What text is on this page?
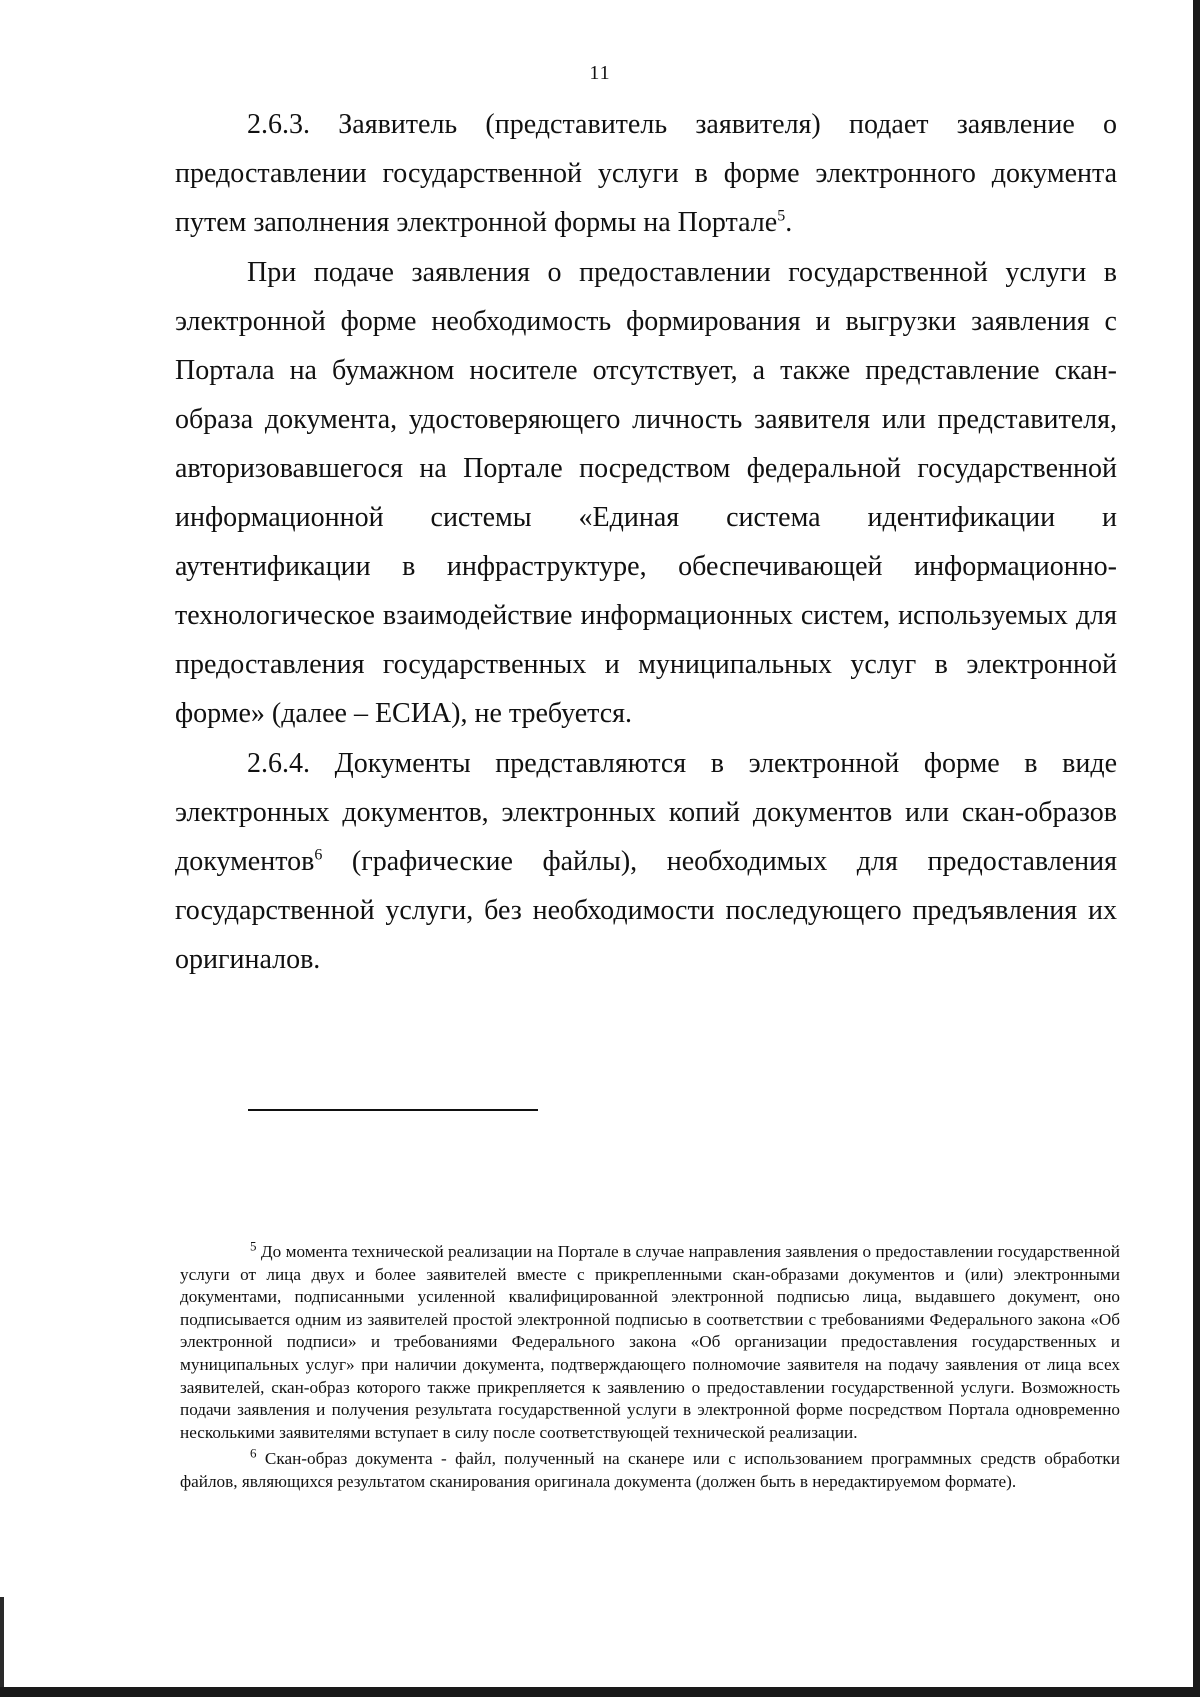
11

2.6.3. Заявитель (представитель заявителя) подает заявление о предоставлении государственной услуги в форме электронного документа путем заполнения электронной формы на Портале$^5$.

При подаче заявления о предоставлении государственной услуги в электронной форме необходимость формирования и выгрузки заявления с Портала на бумажном носителе отсутствует, а также представление скан-образа документа, удостоверяющего личность заявителя или представителя, авторизовавшегося на Портале посредством федеральной государственной информационной системы «Единая система идентификации и аутентификации в инфраструктуре, обеспечивающей информационно-технологическое взаимодействие информационных систем, используемых для предоставления государственных и муниципальных услуг в электронной форме» (далее – ЕСИА), не требуется.

2.6.4. Документы представляются в электронной форме в виде электронных документов, электронных копий документов или скан-образов документов$^6$ (графические файлы), необходимых для предоставления государственной услуги, без необходимости последующего предъявления их оригиналов.

$^5$ До момента технической реализации на Портале в случае направления заявления о предоставлении государственной услуги от лица двух и более заявителей вместе с прикрепленными скан-образами документов и (или) электронными документами, подписанными усиленной квалифицированной электронной подписью лица, выдавшего документ, оно подписывается одним из заявителей простой электронной подписью в соответствии с требованиями Федерального закона «Об электронной подписи» и требованиями Федерального закона «Об организации предоставления государственных и муниципальных услуг» при наличии документа, подтверждающего полномочие заявителя на подачу заявления от лица всех заявителей, скан-образ которого также прикрепляется к заявлению о предоставлении государственной услуги. Возможность подачи заявления и получения результата государственной услуги в электронной форме посредством Портала одновременно несколькими заявителями вступает в силу после соответствующей технической реализации.

$^6$ Скан-образ документа - файл, полученный на сканере или с использованием программных средств обработки файлов, являющихся результатом сканирования оригинала документа (должен быть в нередактируемом формате).
